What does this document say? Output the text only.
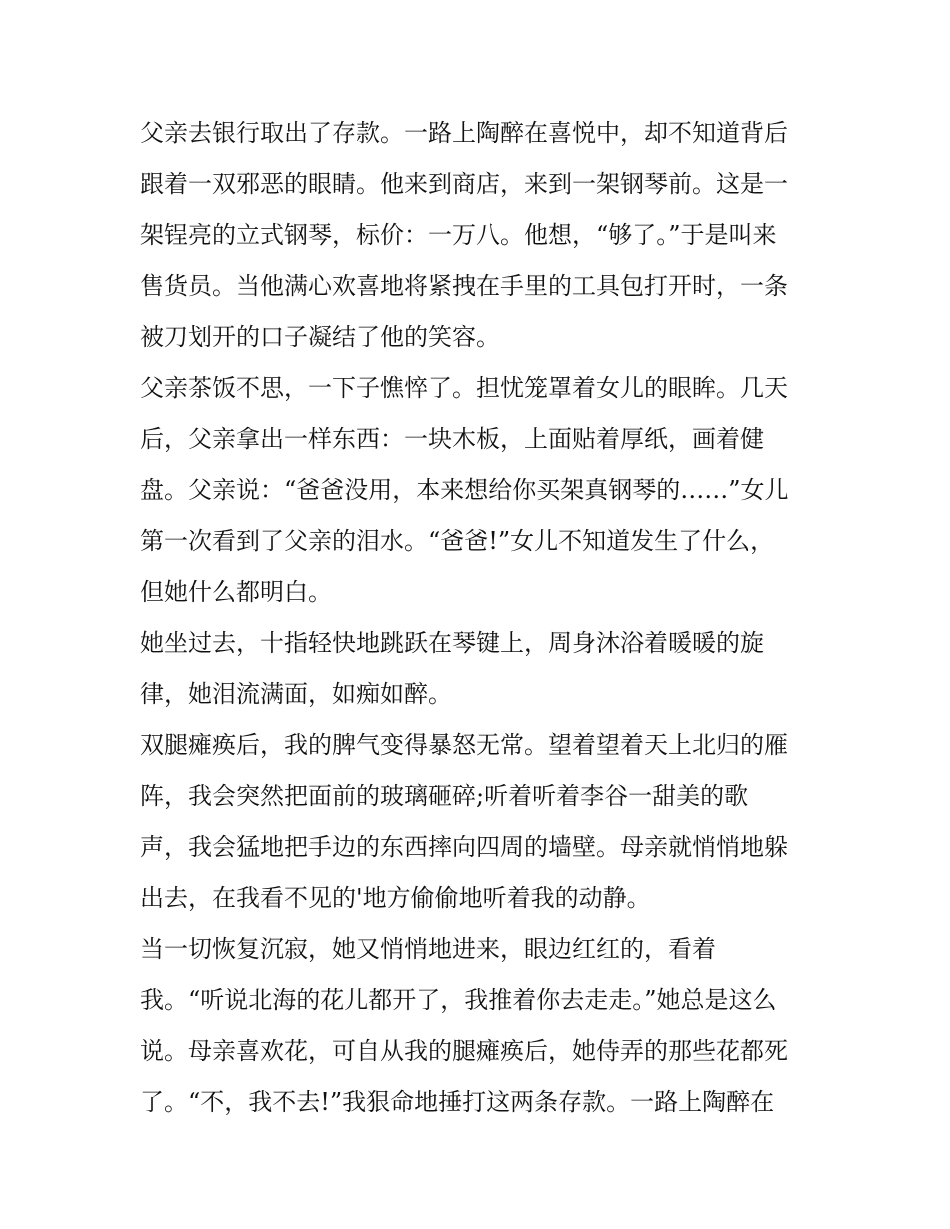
父亲去银行取出了存款。一路上陶醉在喜悦中，却不知道背后
跟着一双邪恶的眼睛。他来到商店，来到一架钢琴前。这是一
架锃亮的立式钢琴，标价：一万八。他想，“够了。”于是叫来
售货员。当他满心欢喜地将紧拽在手里的工具包打开时，一条
被刀划开的口子凝结了他的笑容。
父亲茶饭不思，一下子憔悴了。担忧笼罩着女儿的眼眸。几天
后，父亲拿出一样东西：一块木板，上面贴着厚纸，画着健
盘。父亲说：“爸爸没用，本来想给你买架真钢琴的……”女儿
第一次看到了父亲的泪水。“爸爸!”女儿不知道发生了什么，
但她什么都明白。
她坐过去，十指轻快地跳跃在琴键上，周身沐浴着暖暖的旋
律，她泪流满面，如痴如醉。
双腿瘫痪后，我的脾气变得暴怒无常。望着望着天上北归的雁
阵，我会突然把面前的玻璃砸碎;听着听着李谷一甜美的歌
声，我会猛地把手边的东西摔向四周的墙壁。母亲就悄悄地躲
出去，在我看不见的'地方偷偷地听着我的动静。
当一切恢复沉寂，她又悄悄地进来，眼边红红的，看着
我。“听说北海的花儿都开了，我推着你去走走。”她总是这么
说。母亲喜欢花，可自从我的腿瘫痪后，她侍弄的那些花都死
了。“不，我不去!”我狠命地捶打这两条存款。一路上陶醉在
